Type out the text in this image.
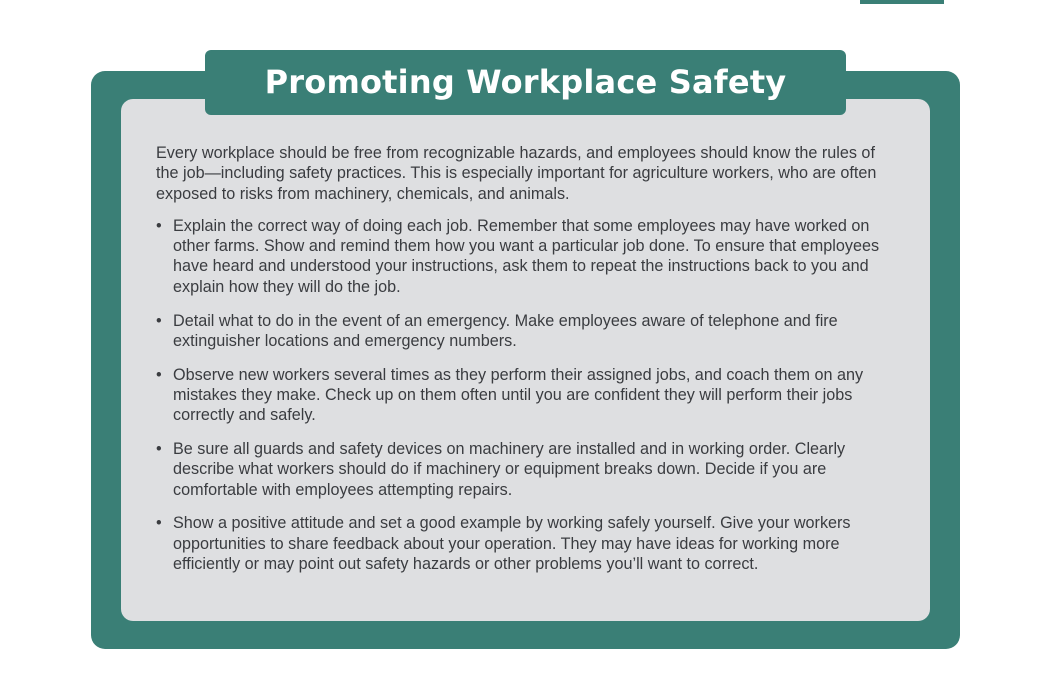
Promoting Workplace Safety

Every workplace should be free from recognizable hazards, and employees should know the rules of the job—including safety practices. This is especially important for agriculture workers, who are often exposed to risks from machinery, chemicals, and animals.

• Explain the correct way of doing each job. Remember that some employees may have worked on other farms. Show and remind them how you want a particular job done. To ensure that employees have heard and understood your instructions, ask them to repeat the instructions back to you and explain how they will do the job.
• Detail what to do in the event of an emergency. Make employees aware of telephone and fire extinguisher locations and emergency numbers.
• Observe new workers several times as they perform their assigned jobs, and coach them on any mistakes they make. Check up on them often until you are confident they will perform their jobs correctly and safely.
• Be sure all guards and safety devices on machinery are installed and in working order. Clearly describe what workers should do if machinery or equipment breaks down. Decide if you are comfortable with employees attempting repairs.
• Show a positive attitude and set a good example by working safely yourself. Give your workers opportunities to share feedback about your operation. They may have ideas for working more efficiently or may point out safety hazards or other problems you’ll want to correct.
